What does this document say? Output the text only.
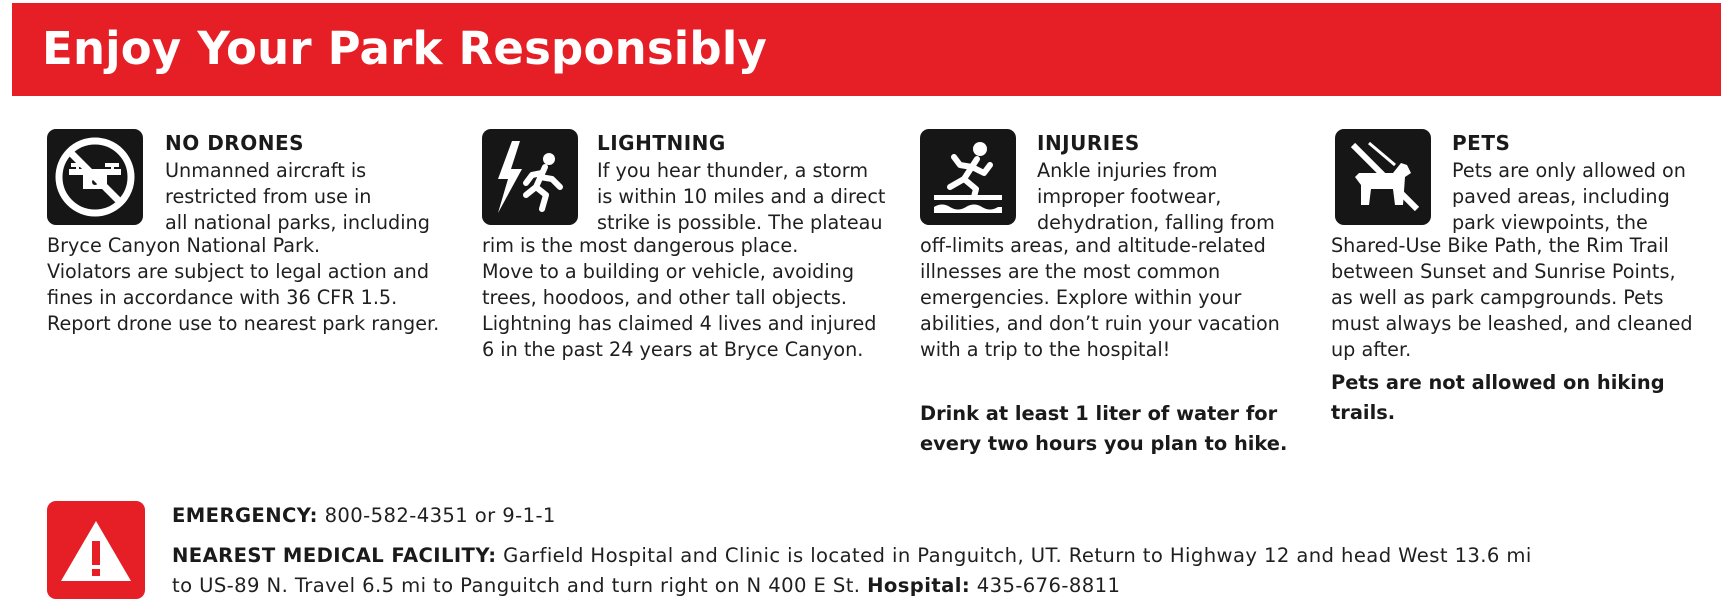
Enjoy Your Park Responsibly
NO DRONES
Unmanned aircraft is
restricted from use in
all national parks, including
Bryce Canyon National Park.
Violators are subject to legal action and
fines in accordance with 36 CFR 1.5.
Report drone use to nearest park ranger.
LIGHTNING
If you hear thunder, a storm
is within 10 miles and a direct
strike is possible. The plateau
rim is the most dangerous place.
Move to a building or vehicle, avoiding
trees, hoodoos, and other tall objects.
Lightning has claimed 4 lives and injured
6 in the past 24 years at Bryce Canyon.
INJURIES
Ankle injuries from
improper footwear,
dehydration, falling from
off-limits areas, and altitude-related
illnesses are the most common
emergencies. Explore within your
abilities, and don’t ruin your vacation
with a trip to the hospital!
Drink at least 1 liter of water for
every two hours you plan to hike.
PETS
Pets are only allowed on
paved areas, including
park viewpoints, the
Shared-Use Bike Path, the Rim Trail
between Sunset and Sunrise Points,
as well as park campgrounds. Pets
must always be leashed, and cleaned
up after.
Pets are not allowed on hiking
trails.
EMERGENCY: 800-582-4351 or 9-1-1
NEAREST MEDICAL FACILITY: Garfield Hospital and Clinic is located in Panguitch, UT. Return to Highway 12 and head West 13.6 mi
to US-89 N. Travel 6.5 mi to Panguitch and turn right on N 400 E St. Hospital: 435-676-8811
